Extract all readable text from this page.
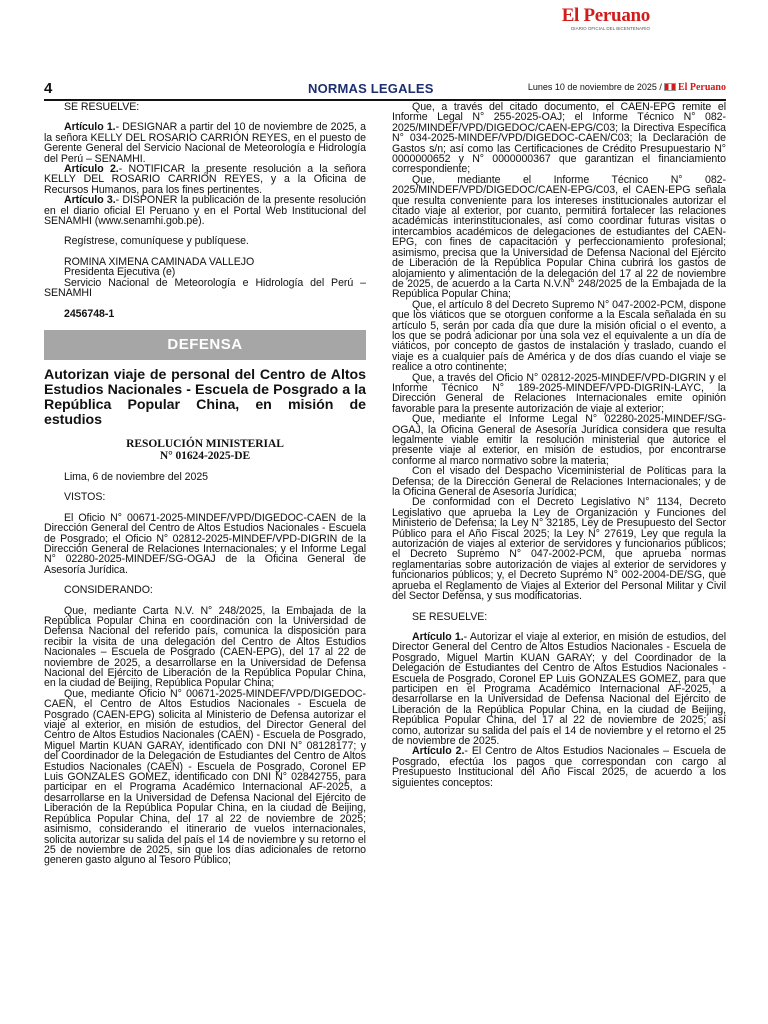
El Peruano
DIARIO OFICIAL DEL BICENTENARIO
4	NORMAS LEGALES	Lunes 10 de noviembre de 2025 / El Peruano

SE RESUELVE:

Artículo 1.- DESIGNAR a partir del 10 de noviembre de 2025, a la señora KELLY DEL ROSARIO CARRIÓN REYES, en el puesto de Gerente General del Servicio Nacional de Meteorología e Hidrología del Perú – SENAMHI.

Artículo 2.- NOTIFICAR la presente resolución a la señora KELLY DEL ROSARIO CARRIÓN REYES, y a la Oficina de Recursos Humanos, para los fines pertinentes.

Artículo 3.- DISPONER la publicación de la presente resolución en el diario oficial El Peruano y en el Portal Web Institucional del SENAMHI (www.senamhi.gob.pe).

Regístrese, comuníquese y publíquese.

ROMINA XIMENA CAMINADA VALLEJO

Presidenta Ejecutiva (e)

Servicio Nacional de Meteorología e Hidrología del Perú – SENAMHI

2456748-1

DEFENSA
Autorizan viaje de personal del Centro de Altos Estudios Nacionales - Escuela de Posgrado a la República Popular China, en misión de estudios
RESOLUCIÓN MINISTERIAL
N° 01624-2025-DE

Lima, 6 de noviembre del 2025

VISTOS:

El Oficio N° 00671-2025-MINDEF/VPD/DIGEDOC-CAEN de la Dirección General del Centro de Altos Estudios Nacionales - Escuela de Posgrado; el Oficio N° 02812-2025-MINDEF/VPD-DIGRIN de la Dirección General de Relaciones Internacionales; y el Informe Legal N° 02280-2025-MINDEF/SG-OGAJ de la Oficina General de Asesoría Jurídica.

CONSIDERANDO:

Que, mediante Carta N.V. N° 248/2025, la Embajada de la República Popular China en coordinación con la Universidad de Defensa Nacional del referido país, comunica la disposición para recibir la visita de una delegación del Centro de Altos Estudios Nacionales – Escuela de Posgrado (CAEN-EPG), del 17 al 22 de noviembre de 2025, a desarrollarse en la Universidad de Defensa Nacional del Ejército de Liberación de la República Popular China, en la ciudad de Beijing, República Popular China;

Que, mediante Oficio N° 00671-2025-MINDEF/VPD/DIGEDOC-CAEN, el Centro de Altos Estudios Nacionales - Escuela de Posgrado (CAEN-EPG) solicita al Ministerio de Defensa autorizar el viaje al exterior, en misión de estudios, del Director General del Centro de Altos Estudios Nacionales (CAEN) - Escuela de Posgrado, Miguel Martin KUAN GARAY, identificado con DNI N° 08128177; y del Coordinador de la Delegación de Estudiantes del Centro de Altos Estudios Nacionales (CAEN) - Escuela de Posgrado, Coronel EP Luis GONZALES GOMEZ, identificado con DNI N° 02842755, para participar en el Programa Académico Internacional AF-2025, a desarrollarse en la Universidad de Defensa Nacional del Ejército de Liberación de la República Popular China, en la ciudad de Beijing, República Popular China, del 17 al 22 de noviembre de 2025; asimismo, considerando el itinerario de vuelos internacionales, solicita autorizar su salida del país el 14 de noviembre y su retorno el 25 de noviembre de 2025, sin que los días adicionales de retorno generen gasto alguno al Tesoro Público;

Que, a través del citado documento, el CAEN-EPG remite el Informe Legal N° 255-2025-OAJ; el Informe Técnico N° 082-2025/MINDEF/VPD/DIGEDOC/CAEN-EPG/C03; la Directiva Específica N° 034-2025-MINDEF/VPD/DIGEDOC-CAEN/C03; la Declaración de Gastos s/n; así como las Certificaciones de Crédito Presupuestario N° 0000000652 y N° 0000000367 que garantizan el financiamiento correspondiente;

Que, mediante el Informe Técnico N° 082-2025/MINDEF/VPD/DIGEDOC/CAEN-EPG/C03, el CAEN-EPG señala que resulta conveniente para los intereses institucionales autorizar el citado viaje al exterior, por cuanto, permitirá fortalecer las relaciones académicas interinstitucionales, así como coordinar futuras visitas o intercambios académicos de delegaciones de estudiantes del CAEN-EPG, con fines de capacitación y perfeccionamiento profesional; asimismo, precisa que la Universidad de Defensa Nacional del Ejército de Liberación de la República Popular China cubrirá los gastos de alojamiento y alimentación de la delegación del 17 al 22 de noviembre de 2025, de acuerdo a la Carta N.V.N° 248/2025 de la Embajada de la República Popular China;

Que, el artículo 8 del Decreto Supremo N° 047-2002-PCM, dispone que los viáticos que se otorguen conforme a la Escala señalada en su artículo 5, serán por cada día que dure la misión oficial o el evento, a los que se podrá adicionar por una sola vez el equivalente a un día de viáticos, por concepto de gastos de instalación y traslado, cuando el viaje es a cualquier país de América y de dos días cuando el viaje se realice a otro continente;

Que, a través del Oficio N° 02812-2025-MINDEF/VPD-DIGRIN y el Informe Técnico N° 189-2025-MINDEF/VPD-DIGRIN-LAYC, la Dirección General de Relaciones Internacionales emite opinión favorable para la presente autorización de viaje al exterior;

Que, mediante el Informe Legal N° 02280-2025-MINDEF/SG-OGAJ, la Oficina General de Asesoría Jurídica considera que resulta legalmente viable emitir la resolución ministerial que autorice el presente viaje al exterior, en misión de estudios, por encontrarse conforme al marco normativo sobre la materia;

Con el visado del Despacho Viceministerial de Políticas para la Defensa; de la Dirección General de Relaciones Internacionales; y de la Oficina General de Asesoría Jurídica;

De conformidad con el Decreto Legislativo N° 1134, Decreto Legislativo que aprueba la Ley de Organización y Funciones del Ministerio de Defensa; la Ley N° 32185, Ley de Presupuesto del Sector Público para el Año Fiscal 2025; la Ley N° 27619, Ley que regula la autorización de viajes al exterior de servidores y funcionarios públicos; el Decreto Supremo N° 047-2002-PCM, que aprueba normas reglamentarias sobre autorización de viajes al exterior de servidores y funcionarios públicos; y, el Decreto Supremo N° 002-2004-DE/SG, que aprueba el Reglamento de Viajes al Exterior del Personal Militar y Civil del Sector Defensa, y sus modificatorias.

SE RESUELVE:

Artículo 1.- Autorizar el viaje al exterior, en misión de estudios, del Director General del Centro de Altos Estudios Nacionales - Escuela de Posgrado, Miguel Martin KUAN GARAY; y del Coordinador de la Delegación de Estudiantes del Centro de Altos Estudios Nacionales - Escuela de Posgrado, Coronel EP Luis GONZALES GOMEZ, para que participen en el Programa Académico Internacional AF-2025, a desarrollarse en la Universidad de Defensa Nacional del Ejército de Liberación de la República Popular China, en la ciudad de Beijing, República Popular China, del 17 al 22 de noviembre de 2025; así como, autorizar su salida del país el 14 de noviembre y el retorno el 25 de noviembre de 2025.

Artículo 2.- El Centro de Altos Estudios Nacionales – Escuela de Posgrado, efectúa los pagos que correspondan con cargo al Presupuesto Institucional del Año Fiscal 2025, de acuerdo a los siguientes conceptos:
